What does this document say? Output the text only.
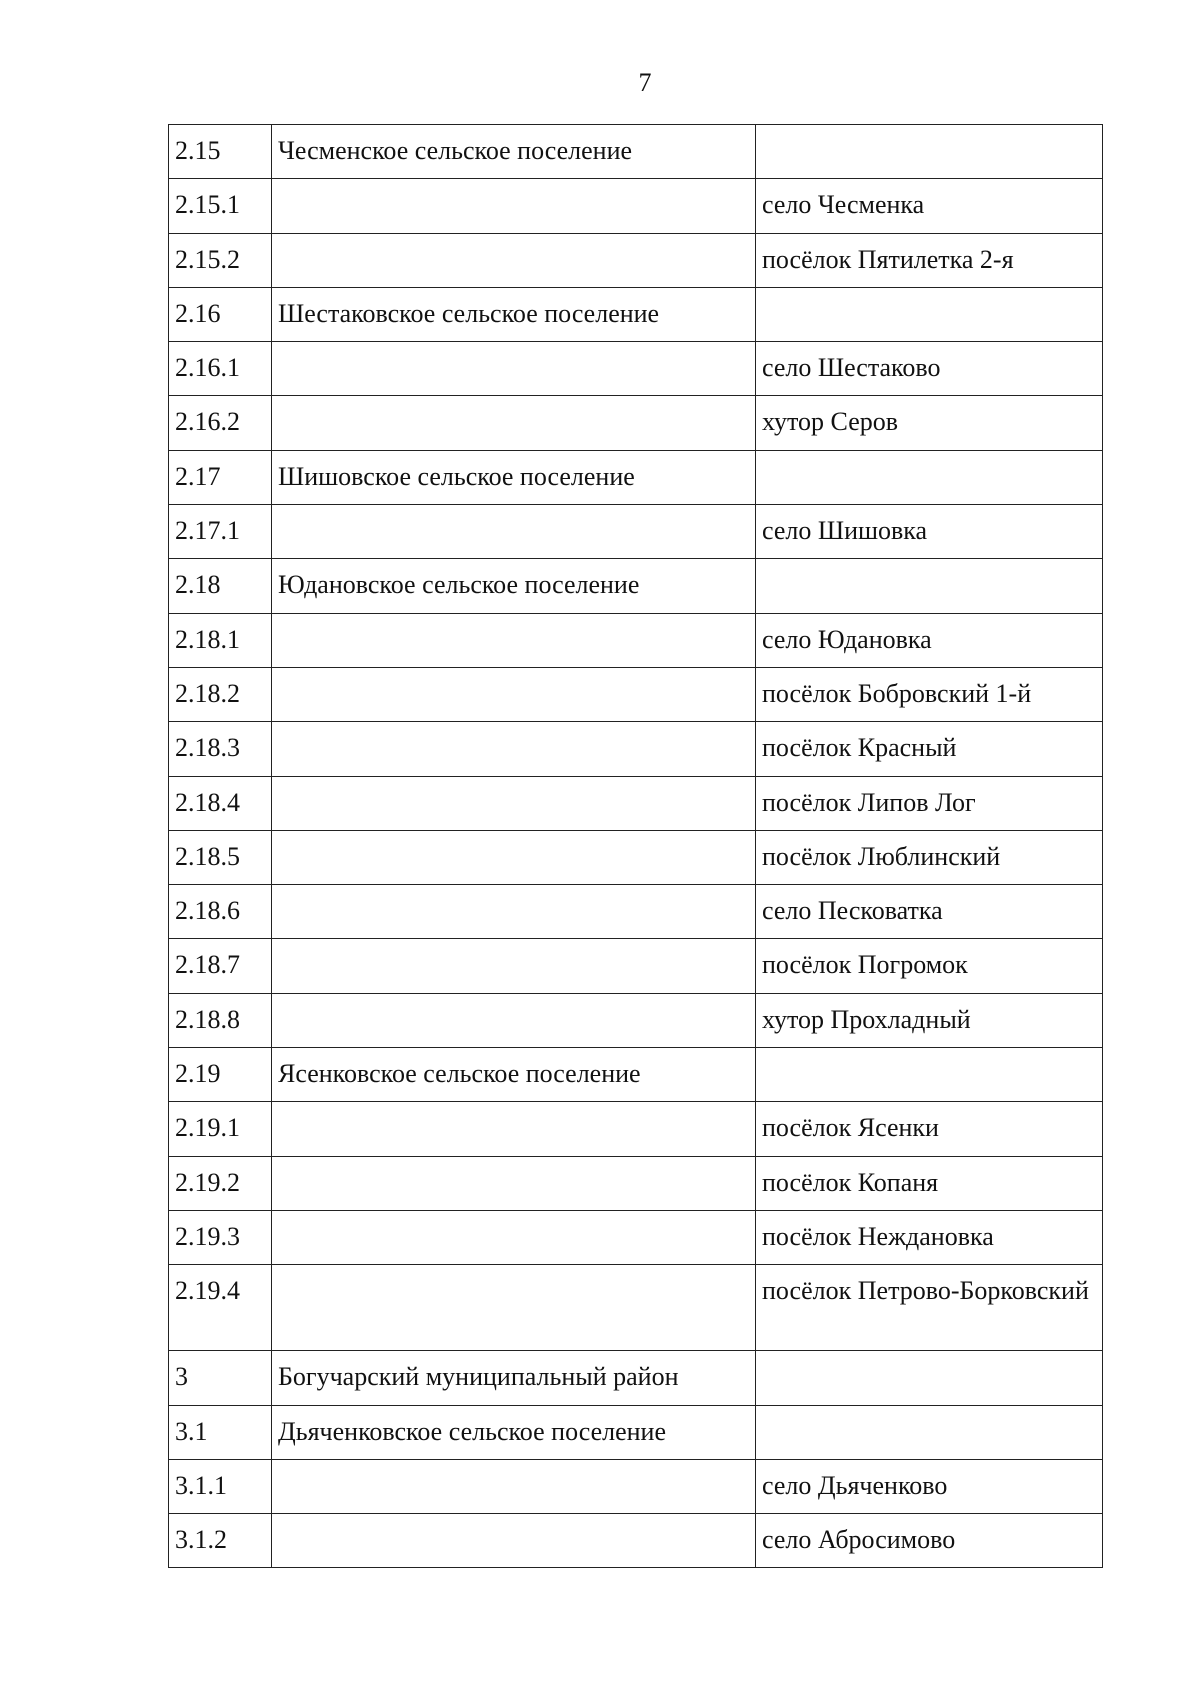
7
2.15	Чесменское сельское поселение	
2.15.1		село Чесменка
2.15.2		посёлок Пятилетка 2-я
2.16	Шестаковское сельское поселение	
2.16.1		село Шестаково
2.16.2		хутор Серов
2.17	Шишовское сельское поселение	
2.17.1		село Шишовка
2.18	Юдановское сельское поселение	
2.18.1		село Юдановка
2.18.2		посёлок Бобровский 1-й
2.18.3		посёлок Красный
2.18.4		посёлок Липов Лог
2.18.5		посёлок Люблинский
2.18.6		село Песковатка
2.18.7		посёлок Погромок
2.18.8		хутор Прохладный
2.19	Ясенковское сельское поселение	
2.19.1		посёлок Ясенки
2.19.2		посёлок Копаня
2.19.3		посёлок Неждановка
2.19.4		посёлок Петрово-Борковский
3	Богучарский муниципальный район	
3.1	Дьяченковское сельское поселение	
3.1.1		село Дьяченково
3.1.2		село Абросимово
